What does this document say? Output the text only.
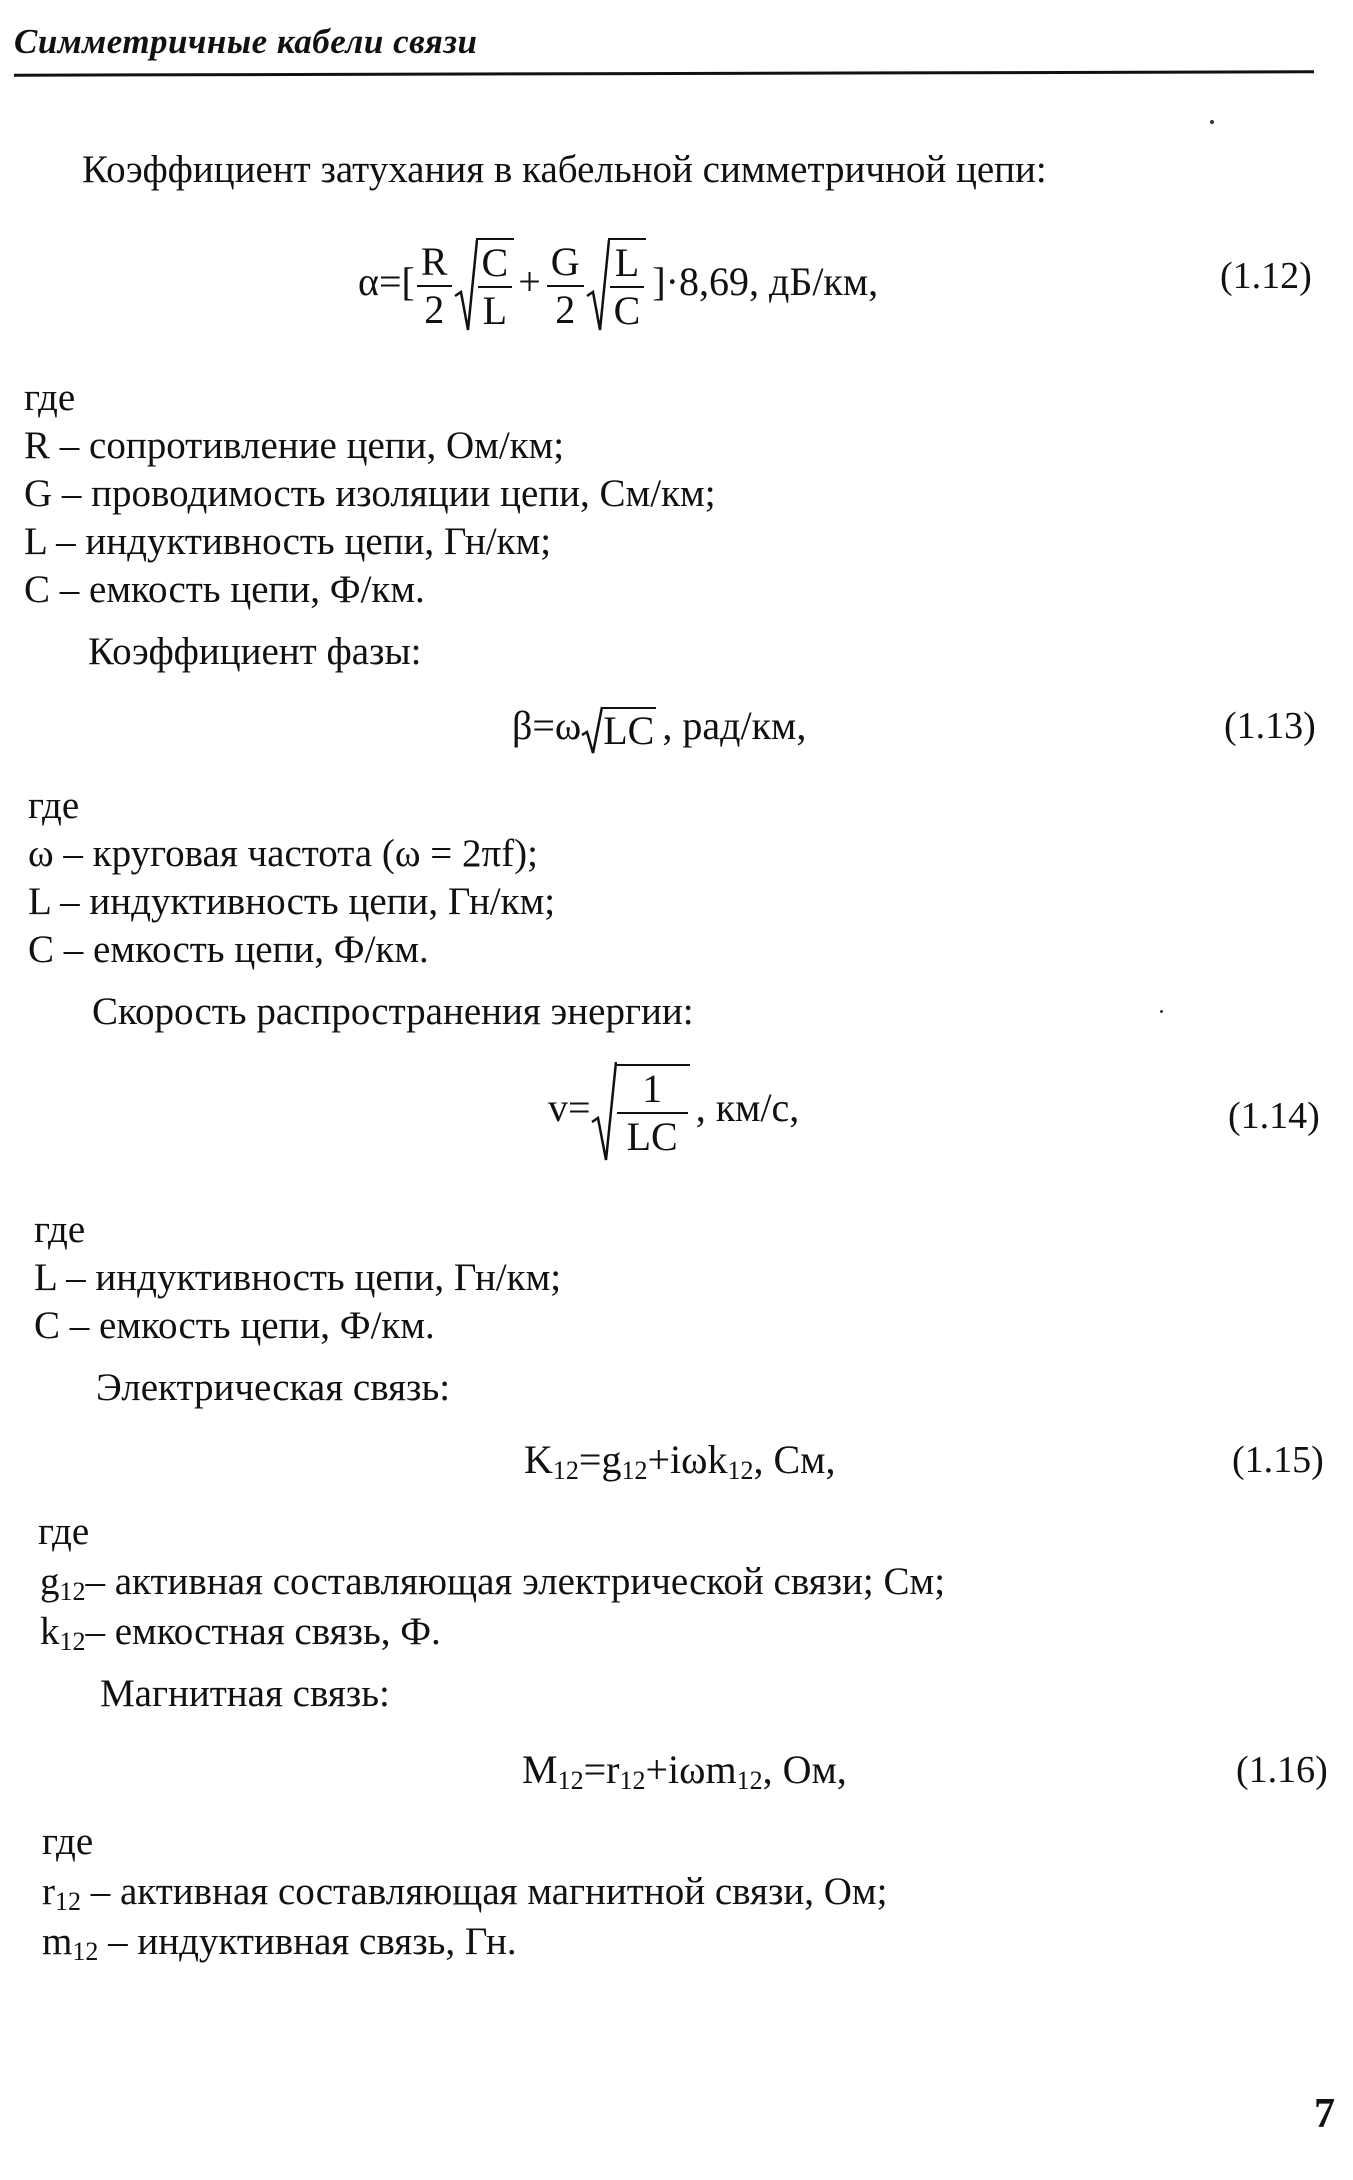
Симметричные кабели связи
Коэффициент затухания в кабельной симметричной цепи:
$\alpha=[ \frac{R}{2} \frac{C}{L} + \frac{G}{2} \frac{L}{C} ]\cdot 8,69$, дБ/км,	(1.12)
где
R – сопротивление цепи, Ом/км;
G – проводимость изоляции цепи, См/км;
L – индуктивность цепи, Гн/км;
С – емкость цепи, Ф/км.
Коэффициент фазы:
β=ω LC , рад/км,	(1.13)
где
ω – круговая частота (ω = 2πf);
L – индуктивность цепи, Гн/км;
С – емкость цепи, Ф/км.
Скорость распространения энергии:
$v= \frac{1}{LC}$ , км/с,	(1.14)
где
L – индуктивность цепи, Гн/км;
С – емкость цепи, Ф/км.
Электрическая связь:
$K_{12}=g_{12}+i\omega k_{12}$, См,	(1.15)
где
$g_{12}-$ активная составляющая электрической связи; См;
$k_{12}-$ емкостная связь, Ф.
Магнитная связь:
$M_{12}=r_{12}+i\omega m_{12}$, Ом,	(1.16)
где
$r_{12}$ – активная составляющая магнитной связи, Ом;
$m_{12}$ – индуктивная связь, Гн.
7
